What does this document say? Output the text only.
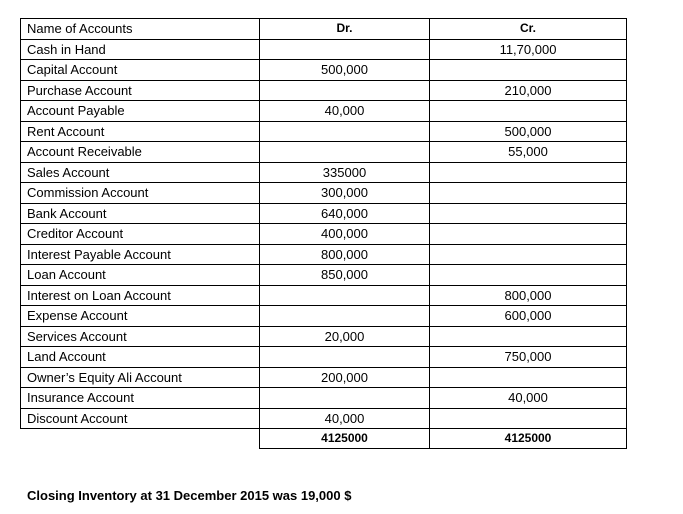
Name of Accounts	Dr.	Cr.
Cash in Hand		11,70,000
Capital Account	500,000	
Purchase Account		210,000
Account Payable	40,000	
Rent Account		500,000
Account Receivable		55,000
Sales Account	335000	
Commission Account	300,000	
Bank Account	640,000	
Creditor Account	400,000	
Interest Payable Account	800,000	
Loan Account	850,000	
Interest on Loan Account		800,000
Expense Account		600,000
Services Account	20,000	
Land Account		750,000
Owner’s Equity Ali Account	200,000	
Insurance Account		40,000
Discount Account	40,000	
	4125000	4125000
Closing Inventory at 31 December 2015 was 19,000 $
